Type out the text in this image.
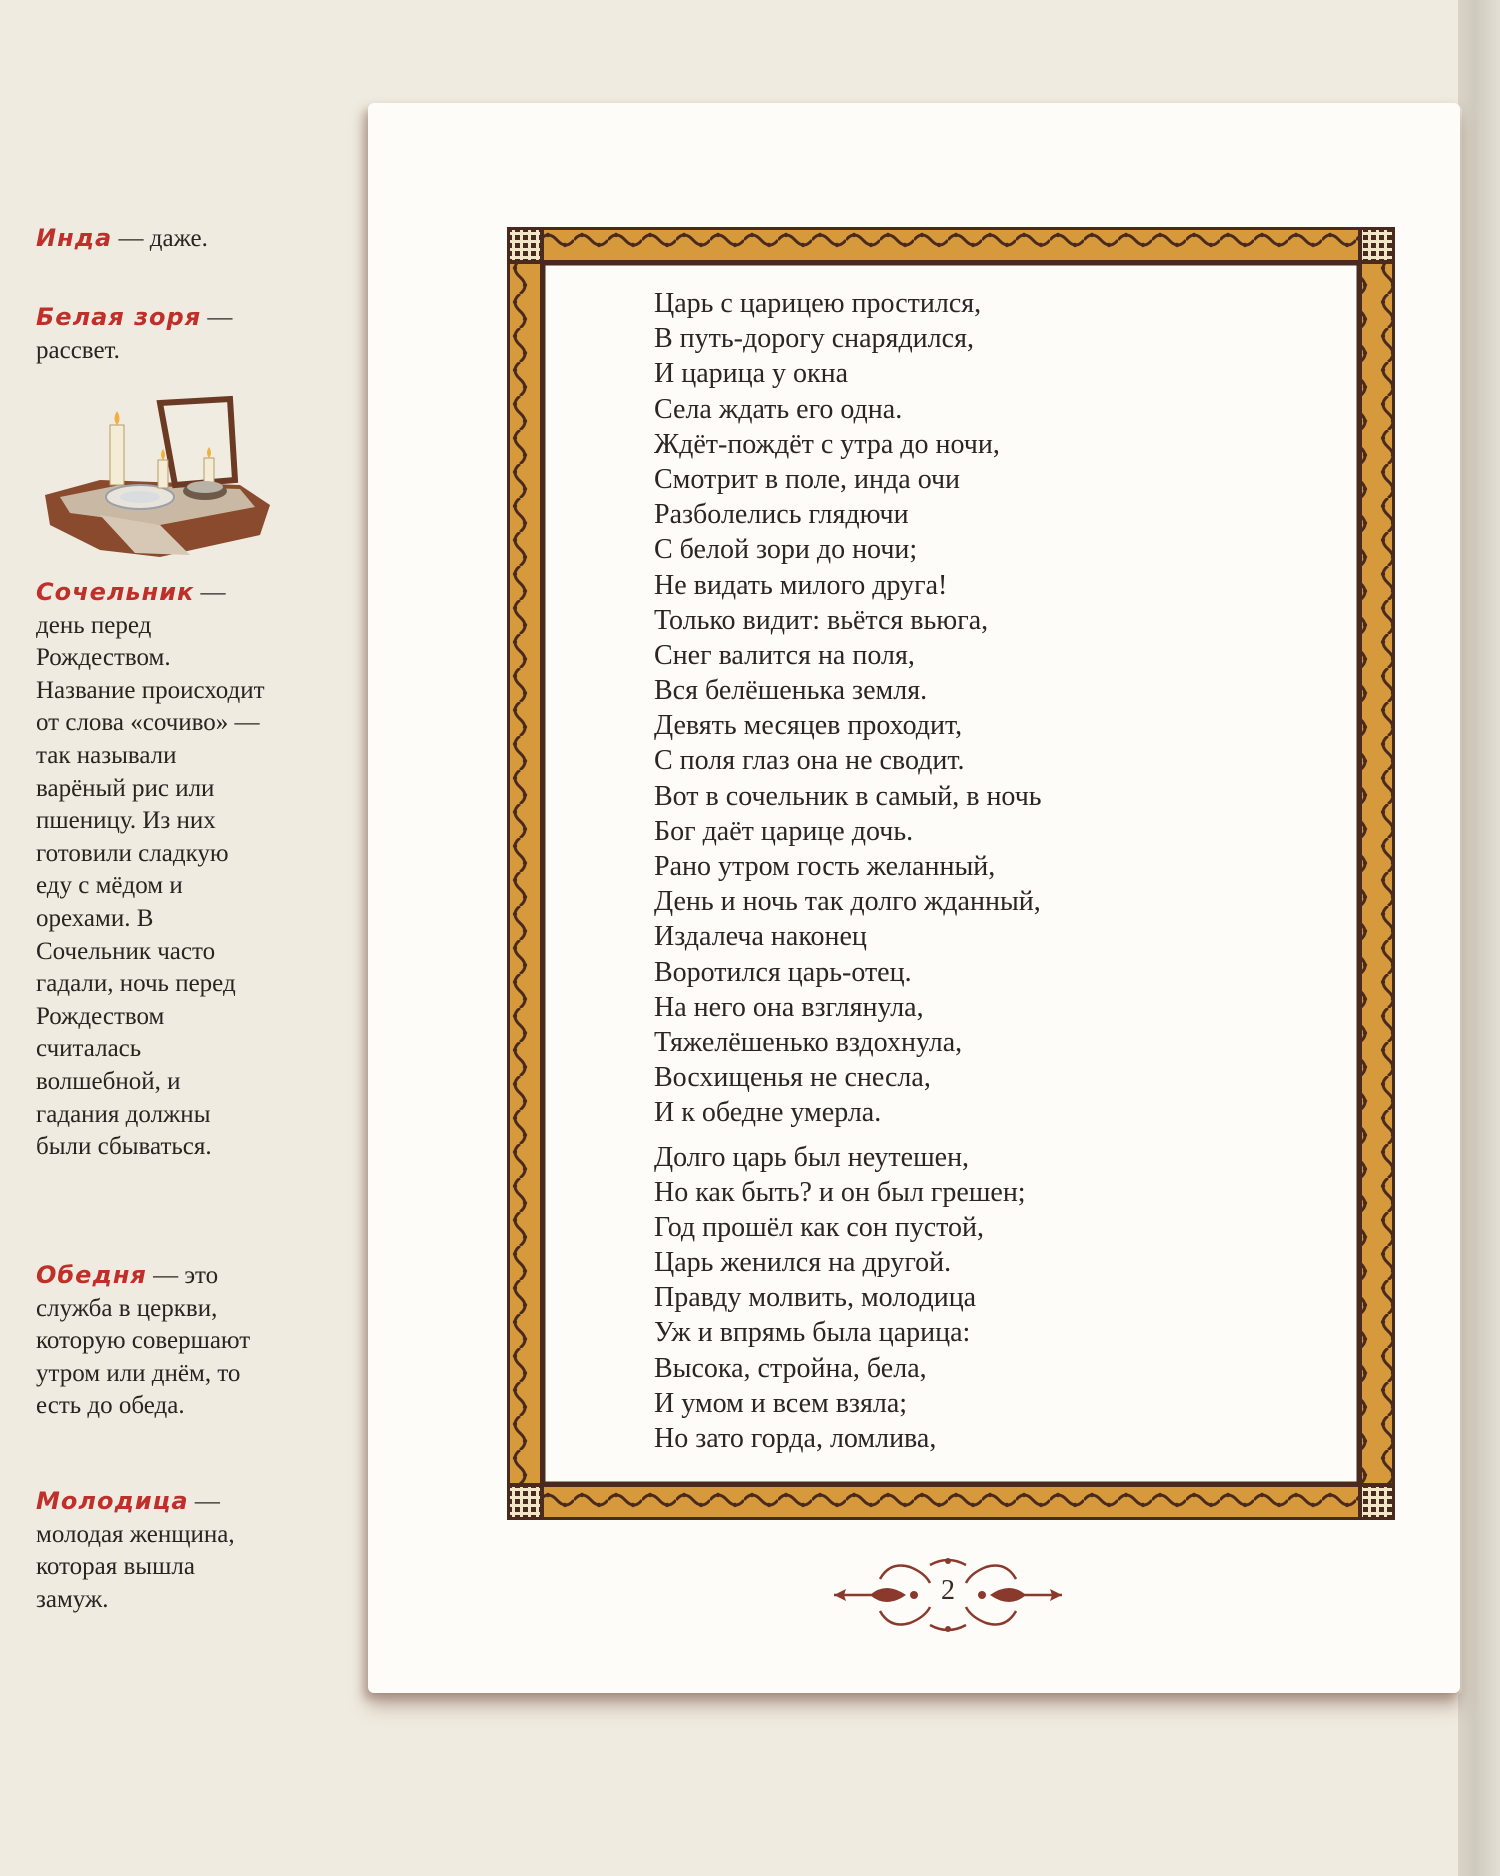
Инда — даже.
Белая зоря — рассвет.
Сочельник — день перед Рождеством. Название происходит от слова «сочиво» — так называли варёный рис или пшеницу. Из них готовили сладкую еду с мёдом и орехами. В Сочельник часто гадали, ночь перед Рождеством считалась волшебной, и гадания должны были сбываться.
Обедня — это служба в церкви, которую совершают утром или днём, то есть до обеда.
Молодица — молодая женщина, которая вышла замуж.
Царь с царицею простился,
В путь-дорогу снарядился,
И царица у окна
Села ждать его одна.
Ждёт-пождёт с утра до ночи,
Смотрит в поле, инда очи
Разболелись глядючи
С белой зори до ночи;
Не видать милого друга!
Только видит: вьётся вьюга,
Снег валится на поля,
Вся белёшенька земля.
Девять месяцев проходит,
С поля глаз она не сводит.
Вот в сочельник в самый, в ночь
Бог даёт царице дочь.
Рано утром гость желанный,
День и ночь так долго жданный,
Издалеча наконец
Воротился царь-отец.
На него она взглянула,
Тяжелёшенько вздохнула,
Восхищенья не снесла,
И к обедне умерла.
Долго царь был неутешен,
Но как быть? и он был грешен;
Год прошёл как сон пустой,
Царь женился на другой.
Правду молвить, молодица
Уж и впрямь была царица:
Высока, стройна, бела,
И умом и всем взяла;
Но зато горда, ломлива,
2
